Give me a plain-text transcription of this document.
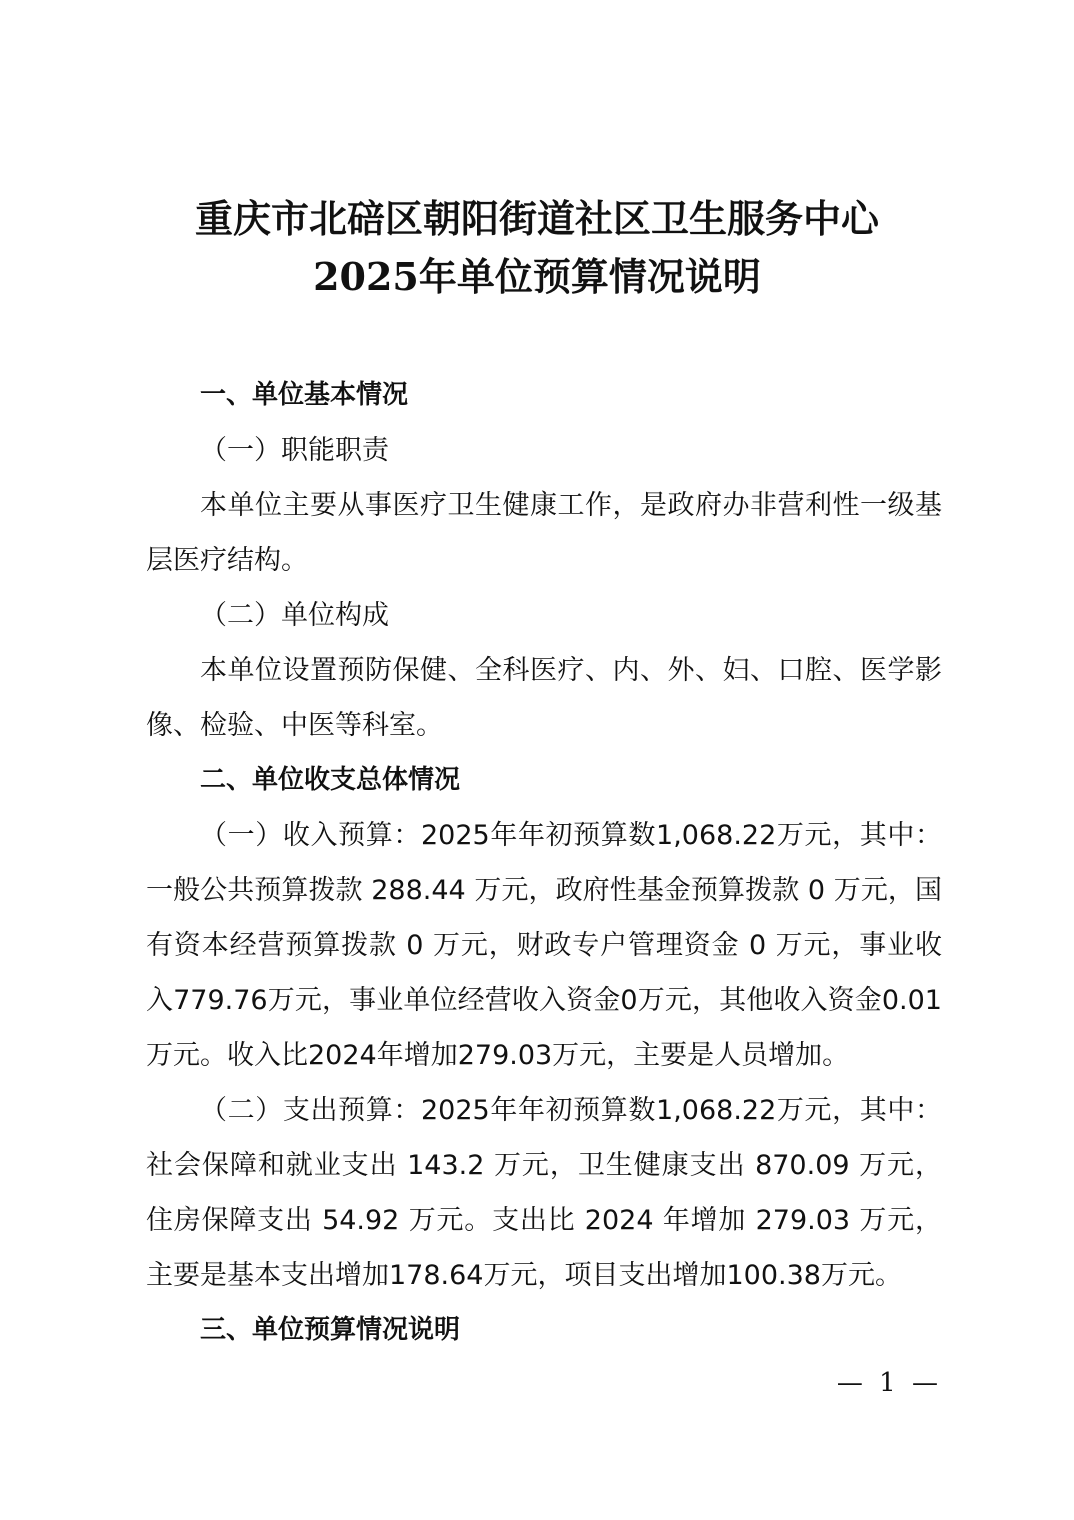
重庆市北碚区朝阳街道社区卫生服务中心
2025年单位预算情况说明

一、单位基本情况

（一）职能职责

本单位主要从事医疗卫生健康工作，是政府办非营利性一级基层医疗结构。

（二）单位构成

本单位设置预防保健、全科医疗、内、外、妇、口腔、医学影像、检验、中医等科室。

二、单位收支总体情况

（一）收入预算：2025年年初预算数1,068.22万元，其中：一般公共预算拨款 288.44 万元，政府性基金预算拨款 0 万元，国有资本经营预算拨款 0 万元，财政专户管理资金 0 万元，事业收入779.76万元，事业单位经营收入资金0万元，其他收入资金0.01万元。收入比2024年增加279.03万元，主要是人员增加。

（二）支出预算：2025年年初预算数1,068.22万元，其中：社会保障和就业支出 143.2 万元，卫生健康支出 870.09 万元，住房保障支出 54.92 万元。支出比 2024 年增加 279.03 万元，主要是基本支出增加178.64万元，项目支出增加100.38万元。

三、单位预算情况说明

— 1 —
